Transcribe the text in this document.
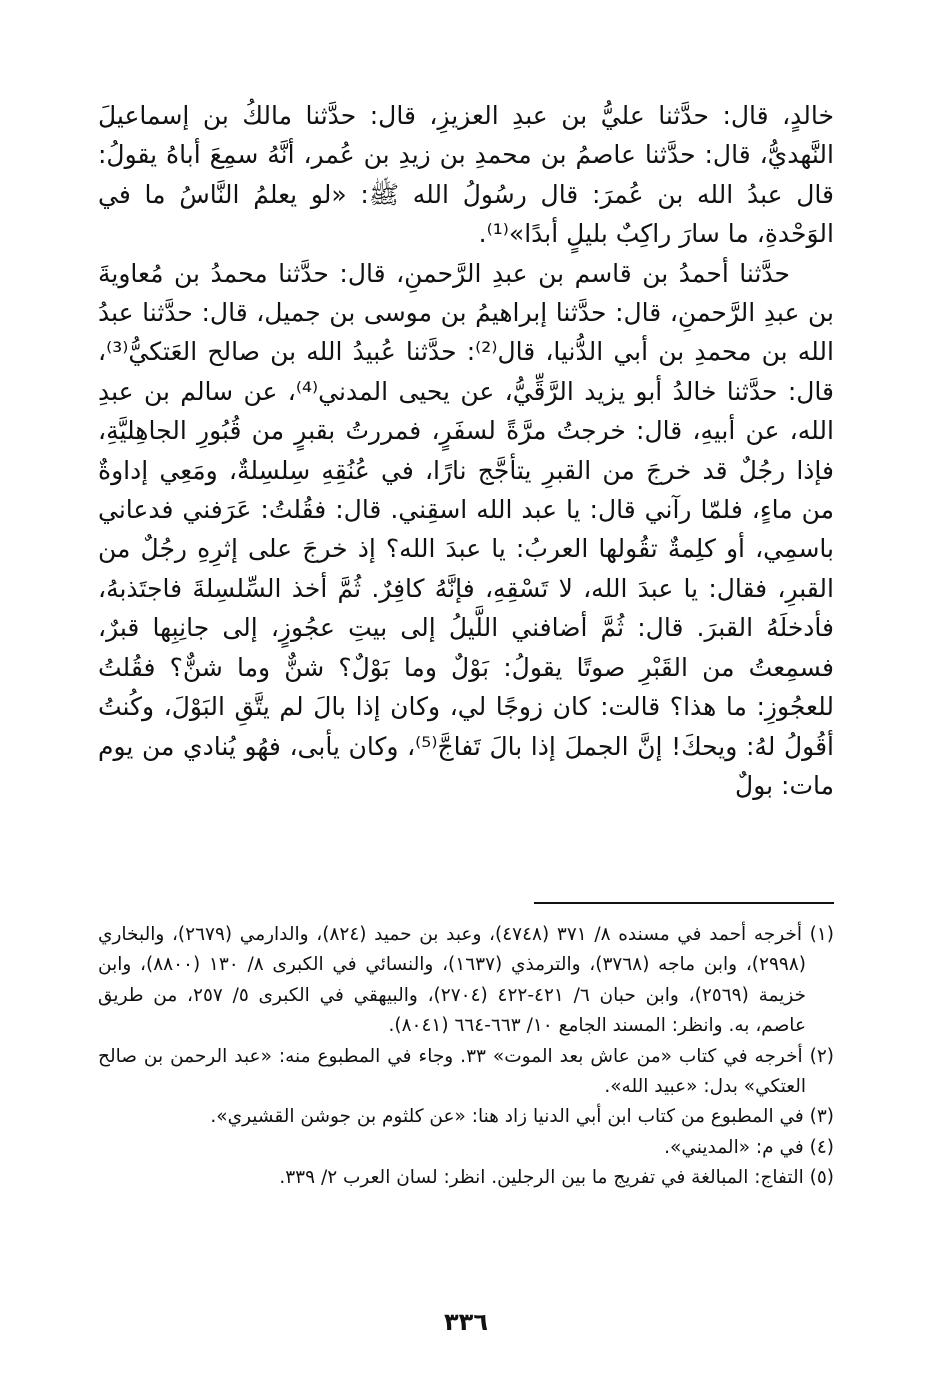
خالدٍ، قال: حدَّثنا عليُّ بن عبدِ العزيزِ، قال: حدَّثنا مالكُ بن إسماعيلَ النَّهديُّ، قال: حدَّثنا عاصمُ بن محمدِ بن زيدِ بن عُمر، أنَّهُ سمِعَ أباهُ يقولُ: قال عبدُ الله بن عُمرَ: قال رسُولُ الله ﷺ: «لو يعلمُ النَّاسُ ما في الوَحْدةِ، ما سارَ راكِبٌ بليلٍ أبدًا»⁽¹⁾.

حدَّثنا أحمدُ بن قاسم بن عبدِ الرَّحمنِ، قال: حدَّثنا محمدُ بن مُعاويةَ بن عبدِ الرَّحمنِ، قال: حدَّثنا إبراهيمُ بن موسى بن جميل، قال: حدَّثنا عبدُ الله بن محمدِ بن أبي الدُّنيا، قال⁽²⁾: حدَّثنا عُبيدُ الله بن صالح العَتكيُّ⁽³⁾، قال: حدَّثنا خالدُ أبو يزيد الرَّقِّيُّ، عن يحيى المدني⁽⁴⁾، عن سالم بن عبدِ الله، عن أبيهِ، قال: خرجتُ مرَّةً لسفَرٍ، فمررتُ بقبرٍ من قُبُورِ الجاهِليَّةِ، فإذا رجُلٌ قد خرجَ من القبرِ يتأجَّج نارًا، في عُنُقِهِ سِلسِلةٌ، ومَعِي إداوةٌ من ماءٍ، فلمّا رآني قال: يا عبد الله اسقِني. قال: فقُلتُ: عَرَفني فدعاني باسمِي، أو كلِمةٌ تقُولها العربُ: يا عبدَ الله؟ إذ خرجَ على إثرِهِ رجُلٌ من القبرِ، فقال: يا عبدَ الله، لا تَسْقِهِ، فإنَّهُ كافِرٌ. ثُمَّ أخذ السِّلسِلةَ فاجتَذبهُ، فأدخلَهُ القبرَ. قال: ثُمَّ أضافني اللَّيلُ إلى بيتِ عجُوزٍ، إلى جانِبِها قبرٌ، فسمِعتُ من القَبْرِ صوتًا يقولُ: بَوْلٌ وما بَوْلٌ؟ شنٌّ وما شنٌّ؟ فقُلتُ للعجُوزِ: ما هذا؟ قالت: كان زوجًا لي، وكان إذا بالَ لم يتَّقِ البَوْلَ، وكُنتُ أقُولُ لهُ: ويحكَ! إنَّ الجملَ إذا بالَ تَفاجَّ⁽⁵⁾، وكان يأبى، فهُو يُنادي من يوم مات: بولٌ

(١) أخرجه أحمد في مسنده ٨/ ٣٧١ (٤٧٤٨)، وعبد بن حميد (٨٢٤)، والدارمي (٢٦٧٩)، والبخاري (٢٩٩٨)، وابن ماجه (٣٧٦٨)، والترمذي (١٦٣٧)، والنسائي في الكبرى ٨/ ١٣٠ (٨٨٠٠)، وابن خزيمة (٢٥٦٩)، وابن حبان ٦/ ٤٢١-٤٢٢ (٢٧٠٤)، والبيهقي في الكبرى ٥/ ٢٥٧، من طريق عاصم، به. وانظر: المسند الجامع ١٠/ ٦٦٣-٦٦٤ (٨٠٤١).

(٢) أخرجه في كتاب «من عاش بعد الموت» ٣٣. وجاء في المطبوع منه: «عبد الرحمن بن صالح العتكي» بدل: «عبيد الله».

(٣) في المطبوع من كتاب ابن أبي الدنيا زاد هنا: «عن كلثوم بن جوشن القشيري».

(٤) في م: «المديني».

(٥) التفاج: المبالغة في تفريج ما بين الرجلين. انظر: لسان العرب ٢/ ٣٣٩.

٣٣٦
